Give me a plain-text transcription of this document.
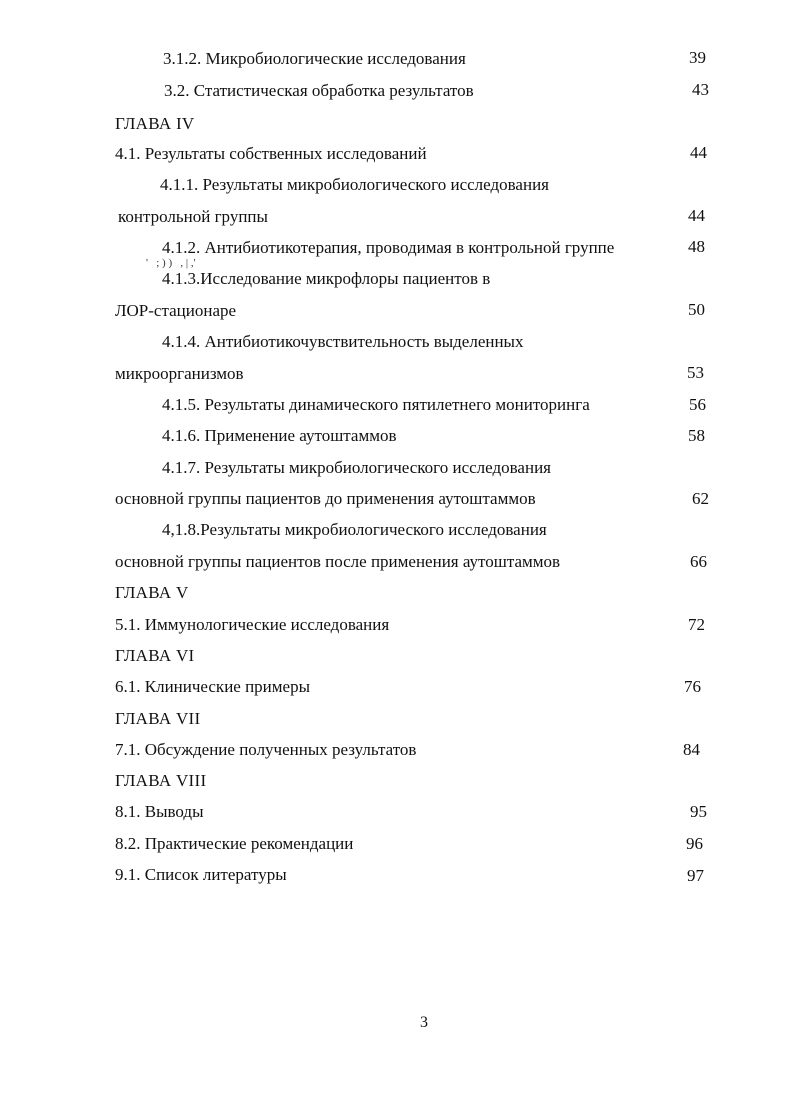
3.1.2. Микробиологические исследования	39
3.2. Статистическая обработка результатов	43
ГЛАВА IV
4.1. Результаты собственных исследований	44
4.1.1. Результаты микробиологического исследования
контрольной группы	44
4.1.2. Антибиотикотерапия, проводимая в контрольной группе	48
'   ; ) )   , | ,'
4.1.3.Исследование микрофлоры пациентов в
ЛОР-стационаре	50
4.1.4. Антибиотикочувствительность выделенных
микроорганизмов	53
4.1.5. Результаты динамического пятилетнего мониторинга	56
4.1.6. Применение аутоштаммов	58
4.1.7. Результаты микробиологического исследования
основной группы пациентов до применения аутоштаммов	62
4,1.8.Результаты микробиологического исследования
основной группы пациентов после применения аутоштаммов	66
ГЛАВА V
5.1. Иммунологические исследования	72
ГЛАВА VI
6.1. Клинические примеры	76
ГЛАВА VII
7.1. Обсуждение полученных результатов	84
ГЛАВА VIII
8.1. Выводы	95
8.2. Практические рекомендации	96
9.1. Список литературы	97
3
